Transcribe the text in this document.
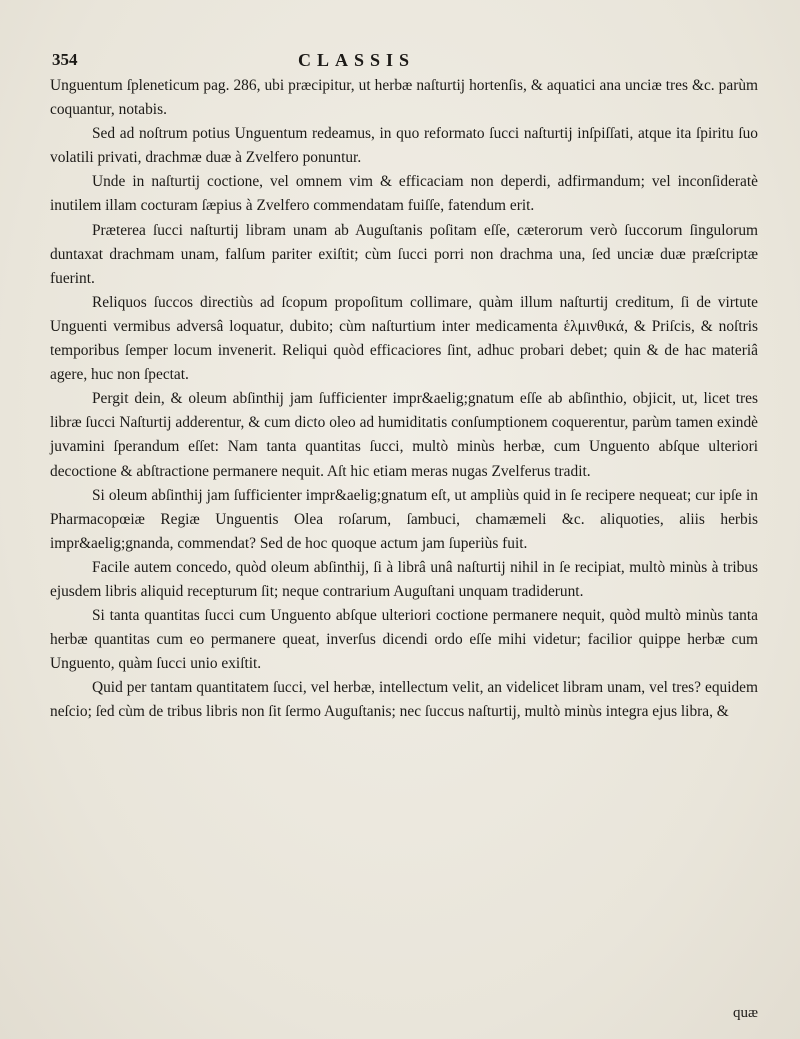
354	CLASSIS

Unguentum ſpleneticum pag. 286, ubi præcipitur, ut herbæ naſturtij hortenſis, & aquatici ana unciæ tres &c. parùm coquantur, notabis.

Sed ad noſtrum potius Unguentum redeamus, in quo reformato ſucci naſturtij inſpiſſati, atque ita ſpiritu ſuo volatili privati, drachmæ duæ à Zvelfero ponuntur.

Unde in naſturtij coctione, vel omnem vim & efficaciam non deperdi, adfirmandum; vel inconſideratè inutilem illam cocturam ſæpius à Zvelfero commendatam fuiſſe, fatendum erit.

Præterea ſucci naſturtij libram unam ab Auguſtanis poſitam eſſe, cæterorum verò ſuccorum ſingulorum duntaxat drachmam unam, falſum pariter exiſtit; cùm ſucci porri non drachma una, ſed unciæ duæ præſcriptæ fuerint.

Reliquos ſuccos directiùs ad ſcopum propoſitum collimare, quàm illum naſturtij creditum, ſi de virtute Unguenti vermibus adversâ loquatur, dubito; cùm naſturtium inter medicamenta ἑλμινθικά, & Priſcis, & noſtris temporibus ſemper locum invenerit. Reliqui quòd efficaciores ſint, adhuc probari debet; quin & de hac materiâ agere, huc non ſpectat.

Pergit dein, & oleum abſinthij jam ſufficienter impr&aelig;gnatum eſſe ab abſinthio, objicit, ut, licet tres libræ ſucci Naſturtij adderentur, & cum dicto oleo ad humiditatis conſumptionem coquerentur, parùm tamen exindè juvamini ſperandum eſſet: Nam tanta quantitas ſucci, multò minùs herbæ, cum Unguento abſque ulteriori decoctione & abſtractione permanere nequit. Aſt hic etiam meras nugas Zvelferus tradit.

Si oleum abſinthij jam ſufficienter impr&aelig;gnatum eſt, ut ampliùs quid in ſe recipere nequeat; cur ipſe in Pharmacopœiæ Regiæ Unguentis Olea roſarum, ſambuci, chamæmeli &c. aliquoties, aliis herbis impr&aelig;gnanda, commendat? Sed de hoc quoque actum jam ſuperiùs fuit.

Facile autem concedo, quòd oleum abſinthij, ſi à librâ unâ naſturtij nihil in ſe recipiat, multò minùs à tribus ejusdem libris aliquid recepturum ſit; neque contrarium Auguſtani unquam tradiderunt.

Si tanta quantitas ſucci cum Unguento abſque ulteriori coctione permanere nequit, quòd multò minùs tanta herbæ quantitas cum eo permanere queat, inverſus dicendi ordo eſſe mihi videtur; facilior quippe herbæ cum Unguento, quàm ſucci unio exiſtit.

Quid per tantam quantitatem ſucci, vel herbæ, intellectum velit, an videlicet libram unam, vel tres? equidem neſcio; ſed cùm de tribus libris non ſit ſermo Auguſtanis; nec ſuccus naſturtij, multò minùs integra ejus libra, &

quæ
